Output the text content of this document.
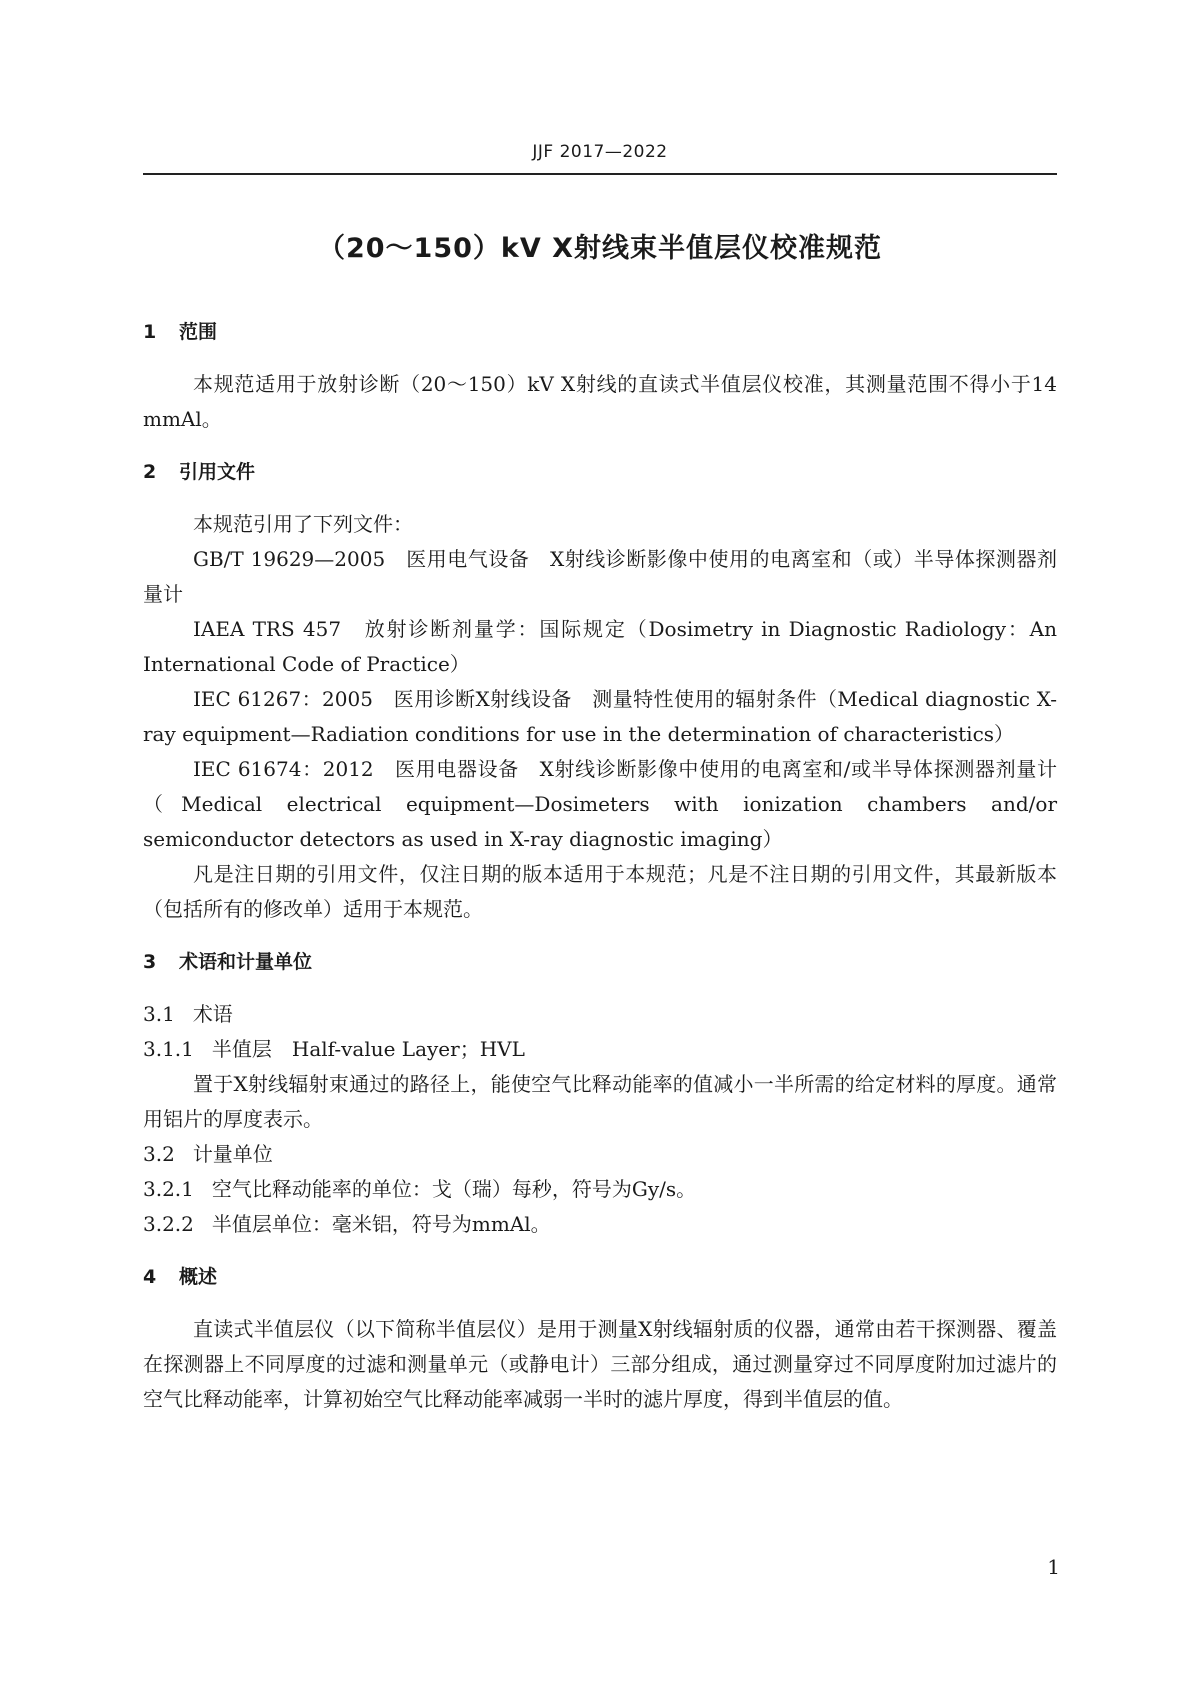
JJF 2017—2022
（20～150）kV X射线束半值层仪校准规范
1 范围

本规范适用于放射诊断（20～150）kV X射线的直读式半值层仪校准，其测量范围不得小于14 mmAl。

2 引用文件

本规范引用了下列文件：

GB/T 19629—2005　医用电气设备　X射线诊断影像中使用的电离室和（或）半导体探测器剂量计

IAEA TRS 457　放射诊断剂量学：国际规定（Dosimetry in Diagnostic Radiology：An International Code of Practice）

IEC 61267：2005　医用诊断X射线设备　测量特性使用的辐射条件（Medical diagnostic X-ray equipment—Radiation conditions for use in the determination of characteristics）

IEC 61674：2012　医用电器设备　X射线诊断影像中使用的电离室和/或半导体探测器剂量计（Medical electrical equipment—Dosimeters with ionization chambers and/or semiconductor detectors as used in X-ray diagnostic imaging）

凡是注日期的引用文件，仅注日期的版本适用于本规范；凡是不注日期的引用文件，其最新版本（包括所有的修改单）适用于本规范。

3 术语和计量单位

3.1 术语

3.1.1 半值层　Half-value Layer；HVL

置于X射线辐射束通过的路径上，能使空气比释动能率的值减小一半所需的给定材料的厚度。通常用铝片的厚度表示。

3.2 计量单位

3.2.1 空气比释动能率的单位：戈（瑞）每秒，符号为Gy/s。

3.2.2 半值层单位：毫米铝，符号为mmAl。

4 概述

直读式半值层仪（以下简称半值层仪）是用于测量X射线辐射质的仪器，通常由若干探测器、覆盖在探测器上不同厚度的过滤和测量单元（或静电计）三部分组成，通过测量穿过不同厚度附加过滤片的空气比释动能率，计算初始空气比释动能率减弱一半时的滤片厚度，得到半值层的值。

1
